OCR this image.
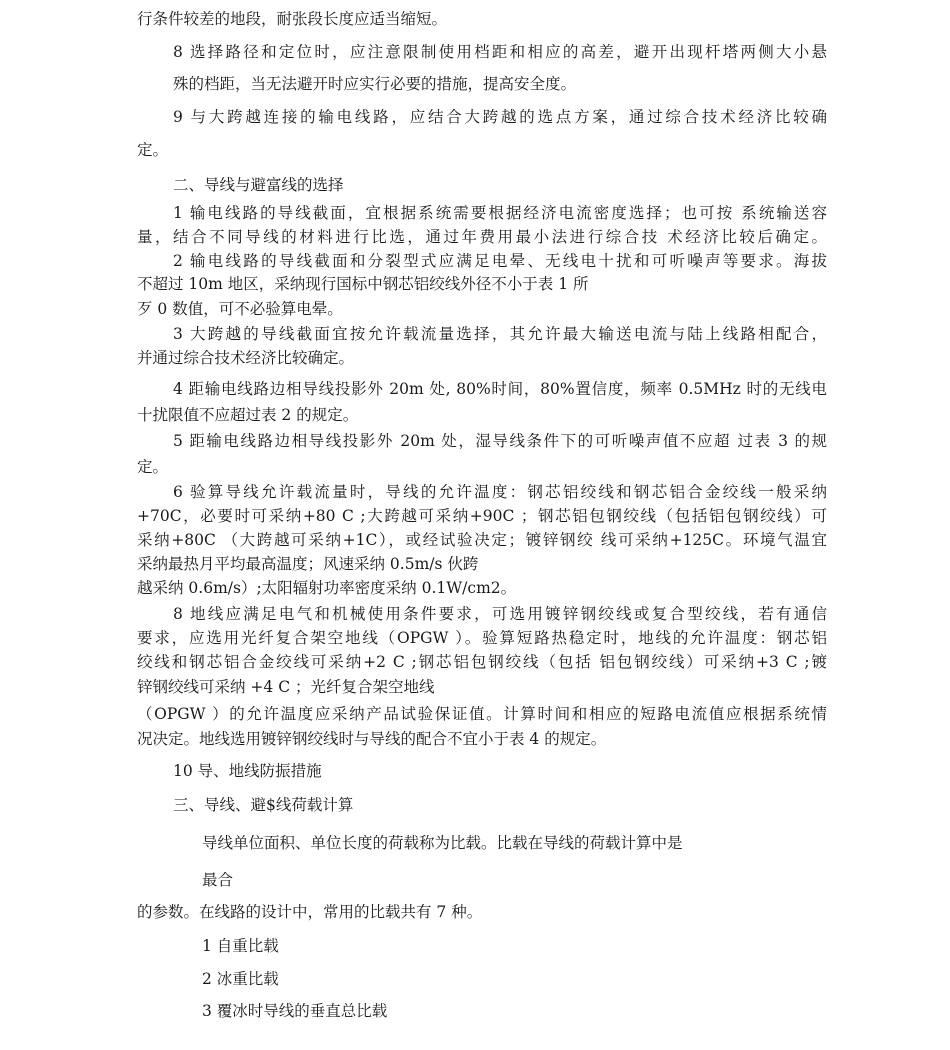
行条件较差的地段，耐张段长度应适当缩短。
8 选择路径和定位时，应注意限制使用档距和相应的高差，避开出现杆塔两侧大小悬
殊的档距，当无法避开时应实行必要的措施，提高安全度。
9 与大跨越连接的输电线路，应结合大跨越的选点方案，通过综合技术经济比较确
定。
二、导线与避富线的选择
1 输电线路的导线截面，宜根据系统需要根据经济电流密度选择；也可按 系统输送容
量，结合不同导线的材料进行比选，通过年费用最小法进行综合技 术经济比较后确定。
2 输电线路的导线截面和分裂型式应满足电晕、无线电十扰和可听噪声等要求。海拔
不超过 10m 地区，采纳现行国标中钢芯铝绞线外径不小于表 1 所
歹 0 数值，可不必验算电晕。
3 大跨越的导线截面宜按允许载流量选择，其允许最大输送电流与陆上线路相配合，
并通过综合技术经济比较确定。
4 距输电线路边相导线投影外 20m 处, 80%时间，80%置信度，频率 0.5MHz 时的无线电
十扰限值不应超过表 2 的规定。
5 距输电线路边相导线投影外 20m 处，湿导线条件下的可听噪声值不应超 过表 3 的规
定。
6 验算导线允许载流量时，导线的允许温度：钢芯铝绞线和钢芯铝合金绞线一般采纳
+70C，必要时可采纳+80 C ;大跨越可采纳+90C ；钢芯铝包钢绞线（包括铝包钢绞线）可
采纳+80C （大跨越可采纳+1C），或经试验决定；镀锌钢绞 线可采纳+125C。环境气温宜
采纳最热月平均最高温度；风速采纳 0.5m/s 伙跨
越采纳 0.6m/s）;太阳辐射功率密度采纳 0.1W/cm2。
8 地线应满足电气和机械使用条件要求，可选用镀锌钢绞线或复合型绞线，若有通信
要求，应选用光纤复合架空地线（OPGW ）。验算短路热稳定时，地线的允许温度：钢芯铝
绞线和钢芯铝合金绞线可采纳+2 C ;钢芯铝包钢绞线（包括 铝包钢绞线）可采纳+3 C ;镀
锌钢绞线可采纳 +4 C ；光纤复合架空地线
（OPGW ）的允许温度应采纳产品试验保证值。计算时间和相应的短路电流值应根据系统情
况决定。地线选用镀锌钢绞线时与导线的配合不宜小于表 4 的规定。
10 导、地线防振措施
三、导线、避$线荷载计算
导线单位面积、单位长度的荷载称为比载。比载在导线的荷载计算中是
最合
的参数。在线路的设计中，常用的比载共有 7 种。
1 自重比载
2 冰重比载
3 覆冰时导线的垂直总比载
